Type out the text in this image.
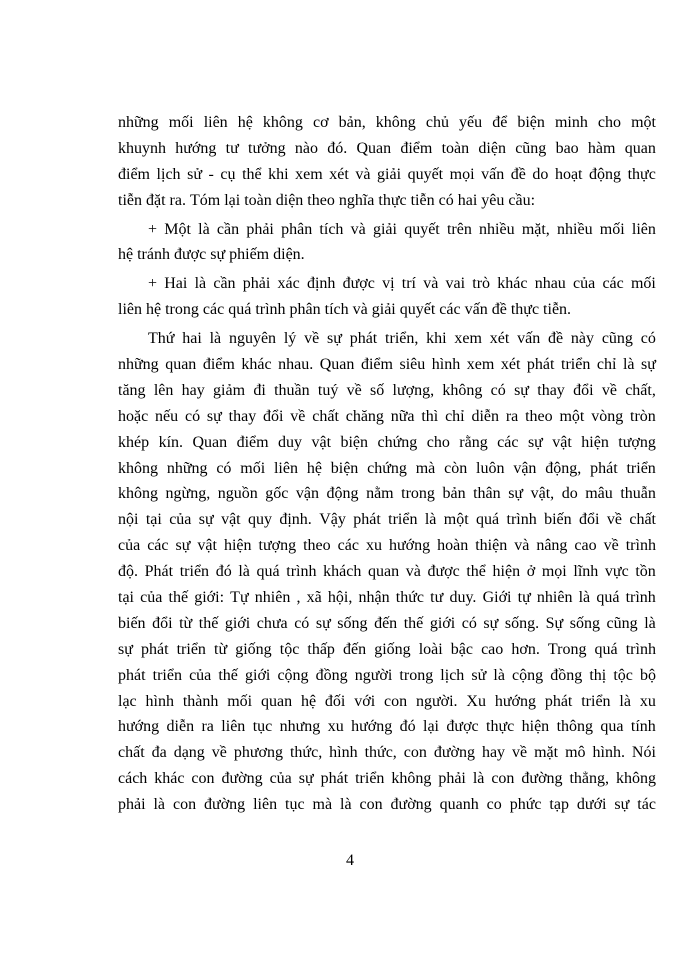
những mối liên hệ không cơ bản, không chủ yếu để biện minh cho một
khuynh hướng tư tưởng nào đó. Quan điểm toàn diện cũng bao hàm quan
điểm lịch sử - cụ thể khi xem xét và giải quyết mọi vấn đề do hoạt động thực
tiễn đặt ra. Tóm lại toàn diện theo nghĩa thực tiễn có hai yêu cầu:
+ Một là cần phải phân tích và giải quyết trên nhiều mặt, nhiều mối liên
hệ tránh được sự phiếm diện.
+ Hai là cần phải xác định được vị trí và vai trò khác nhau của các mối
liên hệ trong các quá trình phân tích và giải quyết các vấn đề thực tiễn.
Thứ hai là nguyên lý về sự phát triển, khi xem xét vấn đề này cũng có
những quan điểm khác nhau. Quan điểm siêu hình xem xét phát triển chỉ là sự
tăng lên hay giảm đi thuần tuý về số lượng, không có sự thay đổi về chất,
hoặc nếu có sự thay đổi về chất chăng nữa thì chỉ diễn ra theo một vòng tròn
khép kín. Quan điểm duy vật biện chứng cho rằng các sự vật hiện tượng
không những có mối liên hệ biện chứng mà còn luôn vận động, phát triển
không ngừng, nguồn gốc vận động nằm trong bản thân sự vật, do mâu thuẫn
nội tại của sự vật quy định. Vậy phát triển là một quá trình biến đổi về chất
của các sự vật hiện tượng theo các xu hướng hoàn thiện và nâng cao về trình
độ. Phát triển đó là quá trình khách quan và được thể hiện ở mọi lĩnh vực tồn
tại của thế giới: Tự nhiên , xã hội, nhận thức tư duy. Giới tự nhiên là quá trình
biến đổi từ thế giới chưa có sự sống đến thế giới có sự sống. Sự sống cũng là
sự phát triển từ giống tộc thấp đến giống loài bậc cao hơn. Trong quá trình
phát triển của thế giới cộng đồng người trong lịch sử là cộng đồng thị tộc bộ
lạc hình thành mối quan hệ đối với con người. Xu hướng phát triển là xu
hướng diễn ra liên tục nhưng xu hướng đó lại được thực hiện thông qua tính
chất đa dạng về phương thức, hình thức, con đường hay về mặt mô hình. Nói
cách khác con đường của sự phát triển không phải là con đường thẳng, không
phải là con đường liên tục mà là con đường quanh co phức tạp dưới sự tác
4
